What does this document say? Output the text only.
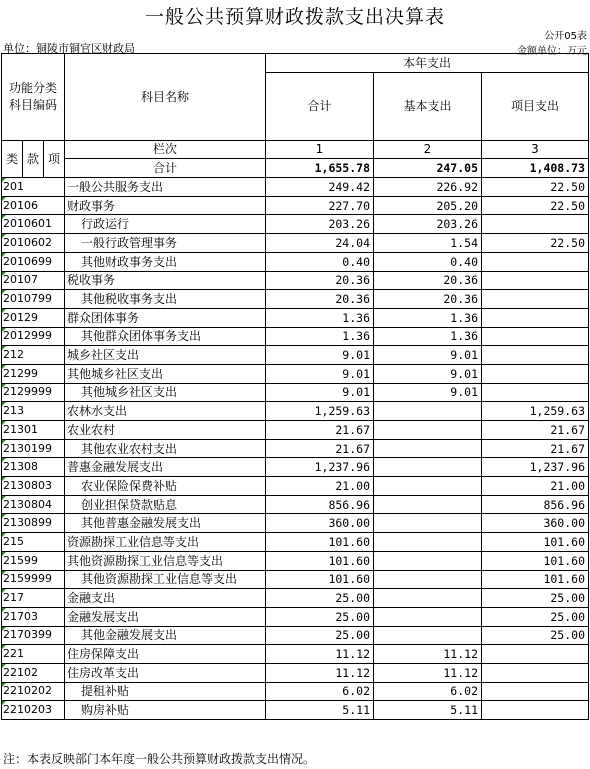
一般公共预算财政拨款支出决算表
公开05表
单位：铜陵市铜官区财政局	金额单位：万元
功能分类科目编码			科目名称	本年支出		
				合计	基本支出	项目支出

类	款	项	栏次	1	2	3
			合计	1,655.78	247.05	1,408.73
201			一般公共服务支出	249.42	226.92	22.50
20106			财政事务	227.70	205.20	22.50
2010601			行政运行	203.26	203.26	
2010602			一般行政管理事务	24.04	1.54	22.50
2010699			其他财政事务支出	0.40	0.40	
20107			税收事务	20.36	20.36	
2010799			其他税收事务支出	20.36	20.36	
20129			群众团体事务	1.36	1.36	
2012999			其他群众团体事务支出	1.36	1.36	
212			城乡社区支出	9.01	9.01	
21299			其他城乡社区支出	9.01	9.01	
2129999			其他城乡社区支出	9.01	9.01	
213			农林水支出	1,259.63		1,259.63
21301			农业农村	21.67		21.67
2130199			其他农业农村支出	21.67		21.67
21308			普惠金融发展支出	1,237.96		1,237.96
2130803			农业保险保费补贴	21.00		21.00
2130804			创业担保贷款贴息	856.96		856.96
2130899			其他普惠金融发展支出	360.00		360.00
215			资源勘探工业信息等支出	101.60		101.60
21599			其他资源勘探工业信息等支出	101.60		101.60
2159999			其他资源勘探工业信息等支出	101.60		101.60
217			金融支出	25.00		25.00
21703			金融发展支出	25.00		25.00
2170399			其他金融发展支出	25.00		25.00
221			住房保障支出	11.12	11.12	
22102			住房改革支出	11.12	11.12	
2210202			提租补贴	6.02	6.02	
2210203			购房补贴	5.11	5.11	
注：本表反映部门本年度一般公共预算财政拨款支出情况。
